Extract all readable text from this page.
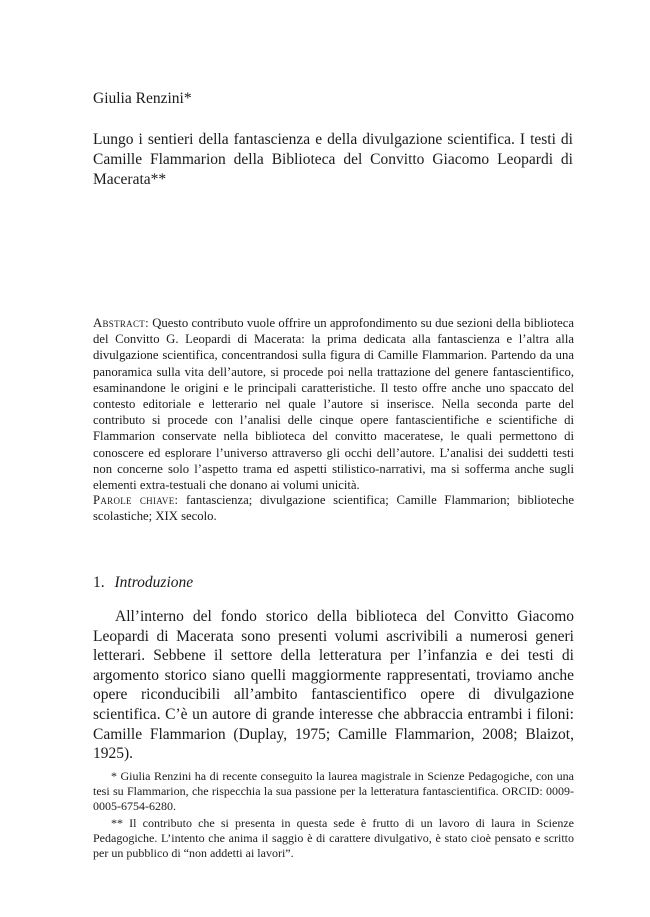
Giulia Renzini*

Lungo i sentieri della fantascienza e della divulgazione scientifica. I testi di Camille Flammarion della Biblioteca del Convitto Giacomo Leopardi di Macerata**

Abstract: Questo contributo vuole offrire un approfondimento su due sezioni della biblioteca del Convitto G. Leopardi di Macerata: la prima dedicata alla fantascienza e l’altra alla divulgazione scientifica, concentrandosi sulla figura di Camille Flammarion. Partendo da una panoramica sulla vita dell’autore, si procede poi nella trattazione del genere fantascientifico, esaminandone le origini e le principali caratteristiche. Il testo offre anche uno spaccato del contesto editoriale e letterario nel quale l’autore si inserisce. Nella seconda parte del contributo si procede con l’analisi delle cinque opere fantascientifiche e scientifiche di Flammarion conservate nella biblioteca del convitto maceratese, le quali permettono di conoscere ed esplorare l’universo attraverso gli occhi dell’autore. L’analisi dei suddetti testi non concerne solo l’aspetto trama ed aspetti stilistico-narrativi, ma si sofferma anche sugli elementi extra-testuali che donano ai volumi unicità.

Parole chiave: fantascienza; divulgazione scientifica; Camille Flammarion; biblioteche scolastiche; XIX secolo.

1. Introduzione

All’interno del fondo storico della biblioteca del Convitto Giacomo Leopardi di Macerata sono presenti volumi ascrivibili a numerosi generi letterari. Sebbene il settore della letteratura per l’infanzia e dei testi di argomento storico siano quelli maggiormente rappresentati, troviamo anche opere riconducibili all’ambito fantascientifico opere di divulgazione scientifica. C’è un autore di grande interesse che abbraccia entrambi i filoni: Camille Flammarion (Duplay, 1975; Camille Flammarion, 2008; Blaizot, 1925).

* Giulia Renzini ha di recente conseguito la laurea magistrale in Scienze Pedagogiche, con una tesi su Flammarion, che rispecchia la sua passione per la letteratura fantascientifica. ORCID: 0009-0005-6754-6280.

** Il contributo che si presenta in questa sede è frutto di un lavoro di laura in Scienze Pedagogiche. L’intento che anima il saggio è di carattere divulgativo, è stato cioè pensato e scritto per un pubblico di “non addetti ai lavori”.
